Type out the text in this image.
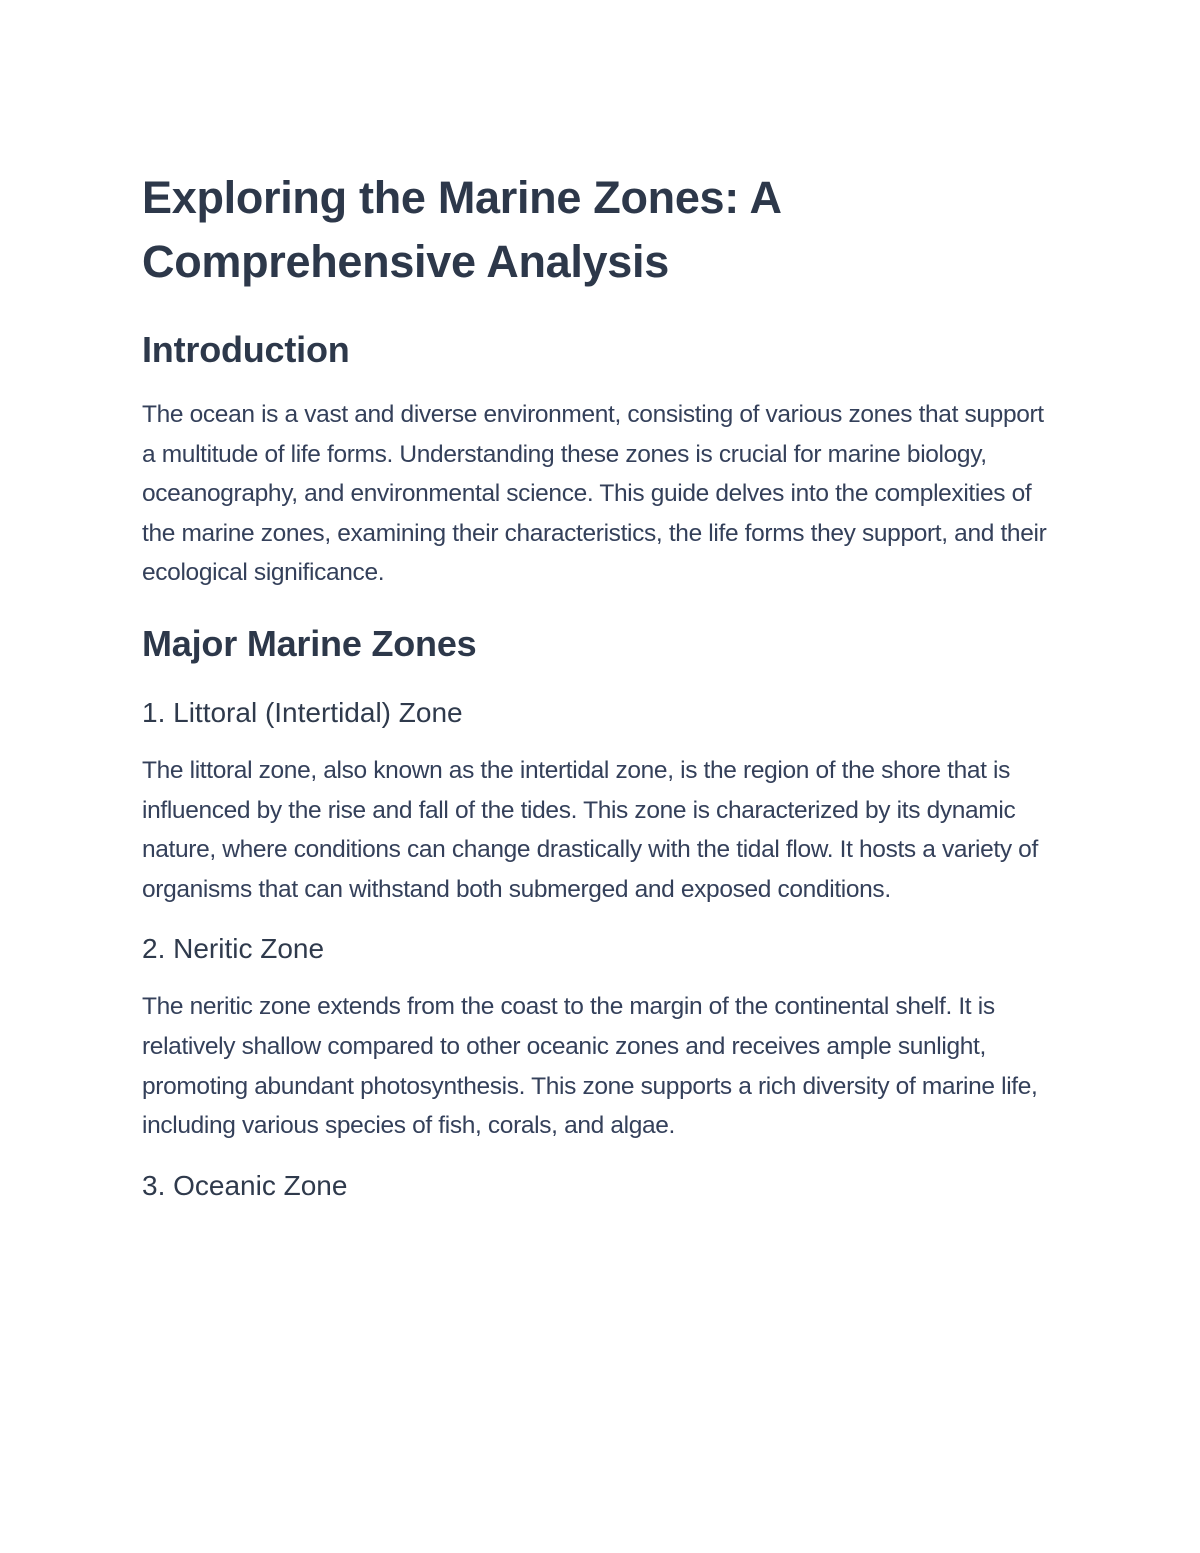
Exploring the Marine Zones: A
Comprehensive Analysis
Introduction

The ocean is a vast and diverse environment, consisting of various zones that support a multitude of life forms. Understanding these zones is crucial for marine biology, oceanography, and environmental science. This guide delves into the complexities of the marine zones, examining their characteristics, the life forms they support, and their ecological significance.

Major Marine Zones
1. Littoral (Intertidal) Zone

The littoral zone, also known as the intertidal zone, is the region of the shore that is influenced by the rise and fall of the tides. This zone is characterized by its dynamic nature, where conditions can change drastically with the tidal flow. It hosts a variety of organisms that can withstand both submerged and exposed conditions.

2. Neritic Zone

The neritic zone extends from the coast to the margin of the continental shelf. It is relatively shallow compared to other oceanic zones and receives ample sunlight, promoting abundant photosynthesis. This zone supports a rich diversity of marine life, including various species of fish, corals, and algae.

3. Oceanic Zone
